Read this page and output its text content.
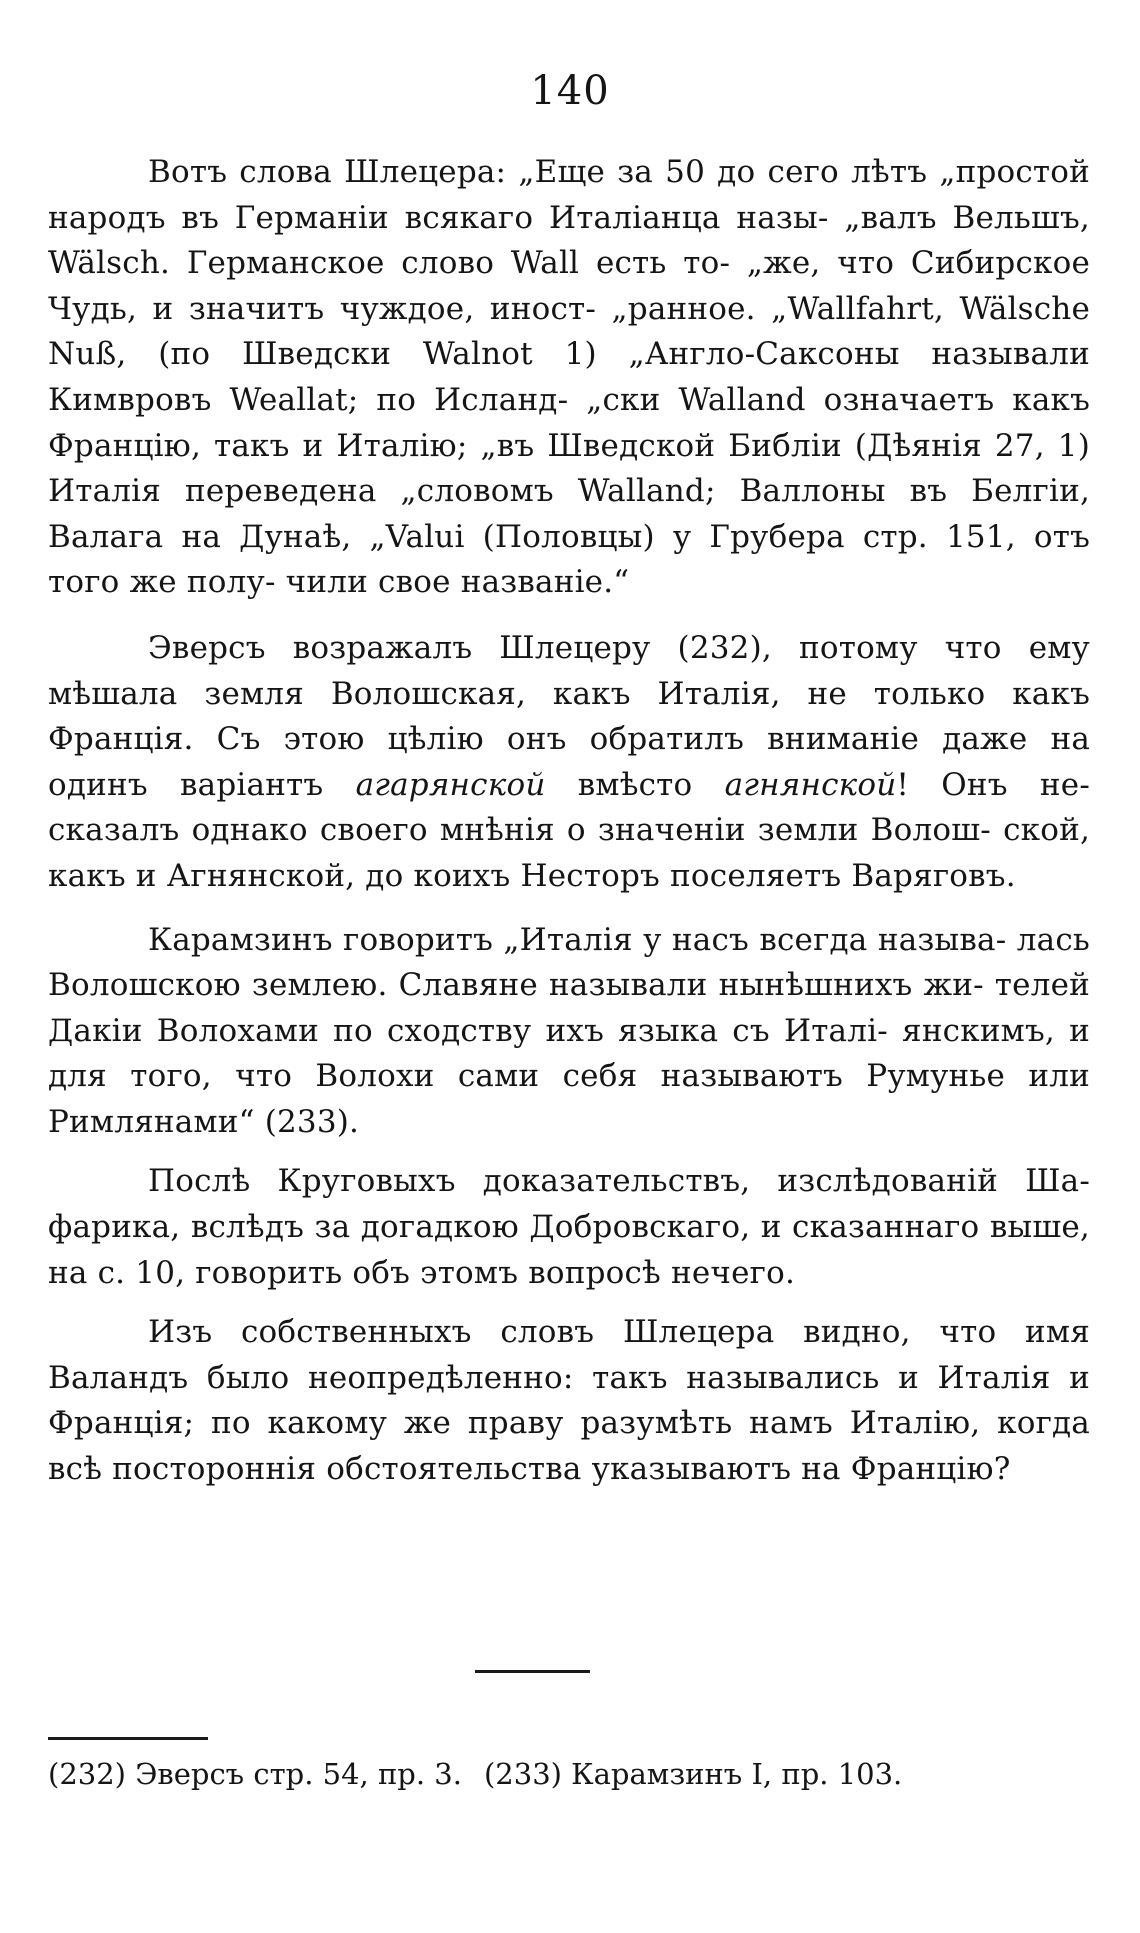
140

Вотъ слова Шлецера: „Еще за 50 до сего лѣтъ „простой народъ въ Германіи всякаго Италіанца назы- „валъ Вельшъ, Wälsch. Германское слово Wall есть то- „же, что Сибирское Чудь, и значитъ чуждое, иност- „ранное. „Wallfahrt, Wälsche Nuß, (по Шведски Walnot 1) „Англо-Саксоны называли Кимвровъ Weallat; по Исланд- „ски Walland означаетъ какъ Францію, такъ и Италію; „въ Шведской Библіи (Дѣянія 27, 1) Италія переведена „словомъ Walland; Валлоны въ Белгіи, Валага на Дунаѣ, „Valui (Половцы) у Грубера стр. 151, отъ того же полу- чили свое названіе.“

Эверсъ возражалъ Шлецеру (232), потому что ему мѣшала земля Волошская, какъ Италія, не только какъ Францiя. Съ этою цѣлію онъ обратилъ вниманіе даже на одинъ варіантъ агарянской вмѣсто агнянской! Онъ не- сказалъ однако своего мнѣнія о значеніи земли Волош- ской, какъ и Агнянской, до коихъ Несторъ поселяетъ Варяговъ.

Карамзинъ говоритъ „Италія у насъ всегда называ- лась Волошскою землею. Славяне называли нынѣшнихъ жи- телей Дакіи Волохами по сходству ихъ языка съ Италі- янскимъ, и для того, что Волохи сами себя называютъ Румунье или Римлянами“ (233).

Послѣ Круговыхъ доказательствъ, изслѣдованій Ша- фарика, вслѣдъ за догадкою Добровскаго, и сказаннаго выше, на с. 10, говорить объ этомъ вопросѣ нечего.

Изъ собственныхъ словъ Шлецера видно, что имя Валандъ было неопредѣленно: такъ назывались и Италія и Франція; по какому же праву разумѣть намъ Италію, когда всѣ постороннія обстоятельства указываютъ на Францію?

(232) Эверсъ стр. 54, пр. 3. (233) Карамзинъ I, пр. 103.
